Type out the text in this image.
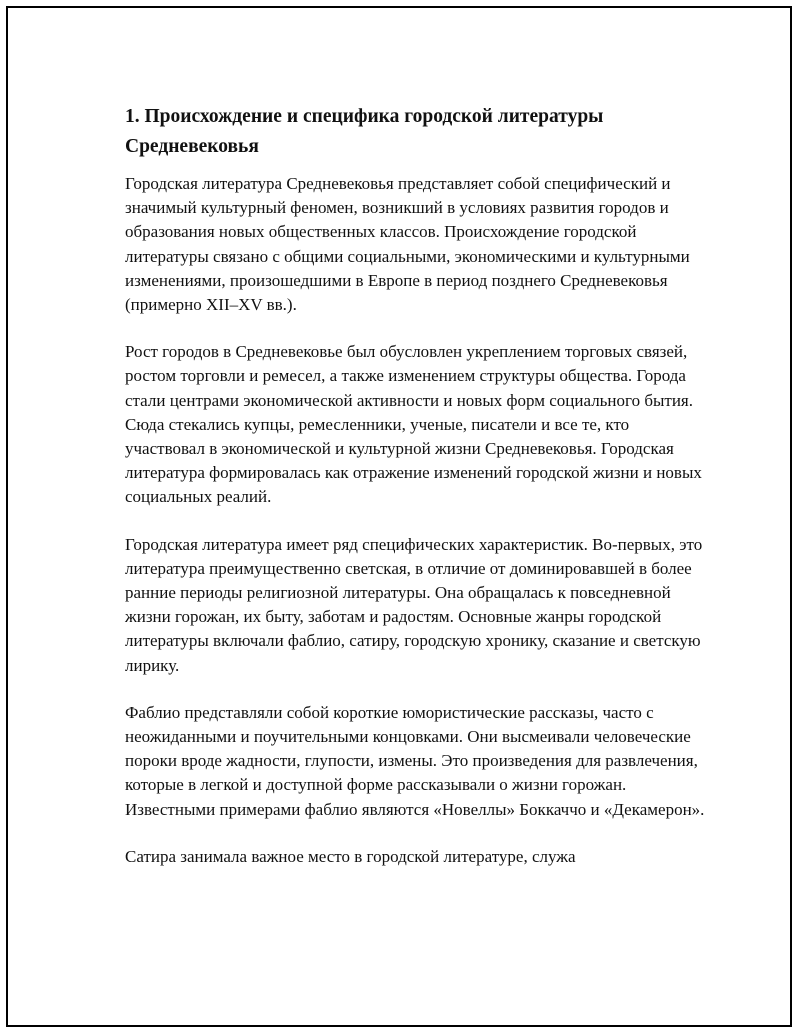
1. Происхождение и специфика городской литературы Средневековья

Городская литература Средневековья представляет собой специфический и значимый культурный феномен, возникший в условиях развития городов и образования новых общественных классов. Происхождение городской литературы связано с общими социальными, экономическими и культурными изменениями, произошедшими в Европе в период позднего Средневековья (примерно XII–XV вв.).

Рост городов в Средневековье был обусловлен укреплением торговых связей, ростом торговли и ремесел, а также изменением структуры общества. Города стали центрами экономической активности и новых форм социального бытия. Сюда стекались купцы, ремесленники, ученые, писатели и все те, кто участвовал в экономической и культурной жизни Средневековья. Городская литература формировалась как отражение изменений городской жизни и новых социальных реалий.

Городская литература имеет ряд специфических характеристик. Во-первых, это литература преимущественно светская, в отличие от доминировавшей в более ранние периоды религиозной литературы. Она обращалась к повседневной жизни горожан, их быту, заботам и радостям. Основные жанры городской литературы включали фаблио, сатиру, городскую хронику, сказание и светскую лирику.

Фаблио представляли собой короткие юмористические рассказы, часто с неожиданными и поучительными концовками. Они высмеивали человеческие пороки вроде жадности, глупости, измены. Это произведения для развлечения, которые в легкой и доступной форме рассказывали о жизни горожан. Известными примерами фаблио являются «Новеллы» Боккаччо и «Декамерон».

Сатира занимала важное место в городской литературе, служа
